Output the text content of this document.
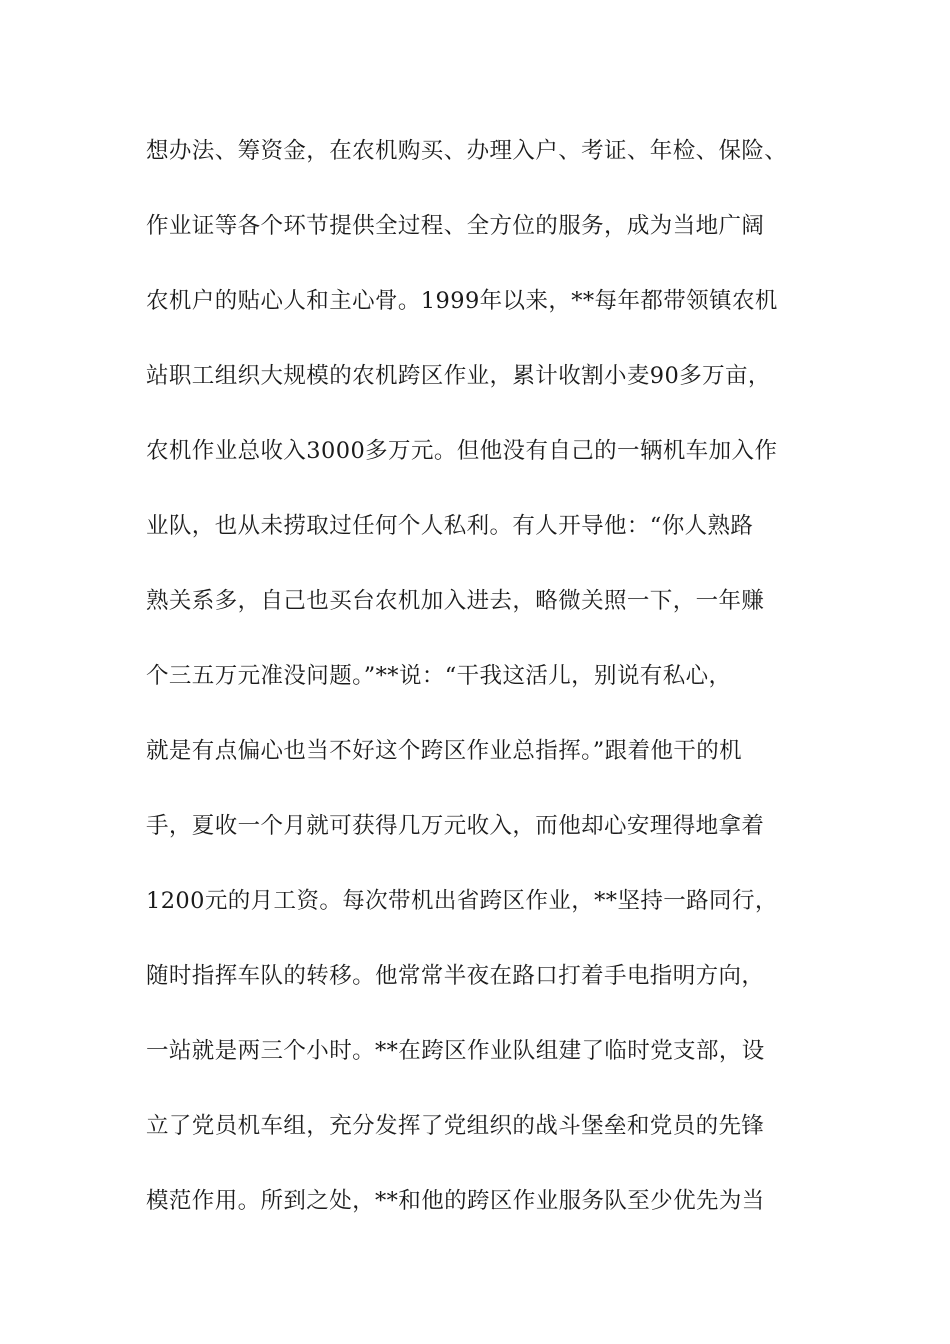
想办法、筹资金，在农机购买、办理入户、考证、年检、保险、
作业证等各个环节提供全过程、全方位的服务，成为当地广阔
农机户的贴心人和主心骨。1999年以来，**每年都带领镇农机
站职工组织大规模的农机跨区作业，累计收割小麦90多万亩，
农机作业总收入3000多万元。但他没有自己的一辆机车加入作
业队，也从未捞取过任何个人私利。有人开导他：“你人熟路
熟关系多，自己也买台农机加入进去，略微关照一下，一年赚
个三五万元准没问题。”**说：“干我这活儿，别说有私心，
就是有点偏心也当不好这个跨区作业总指挥。”跟着他干的机
手，夏收一个月就可获得几万元收入，而他却心安理得地拿着
1200元的月工资。每次带机出省跨区作业，**坚持一路同行，
随时指挥车队的转移。他常常半夜在路口打着手电指明方向，
一站就是两三个小时。**在跨区作业队组建了临时党支部，设
立了党员机车组，充分发挥了党组织的战斗堡垒和党员的先锋
模范作用。所到之处，**和他的跨区作业服务队至少优先为当
